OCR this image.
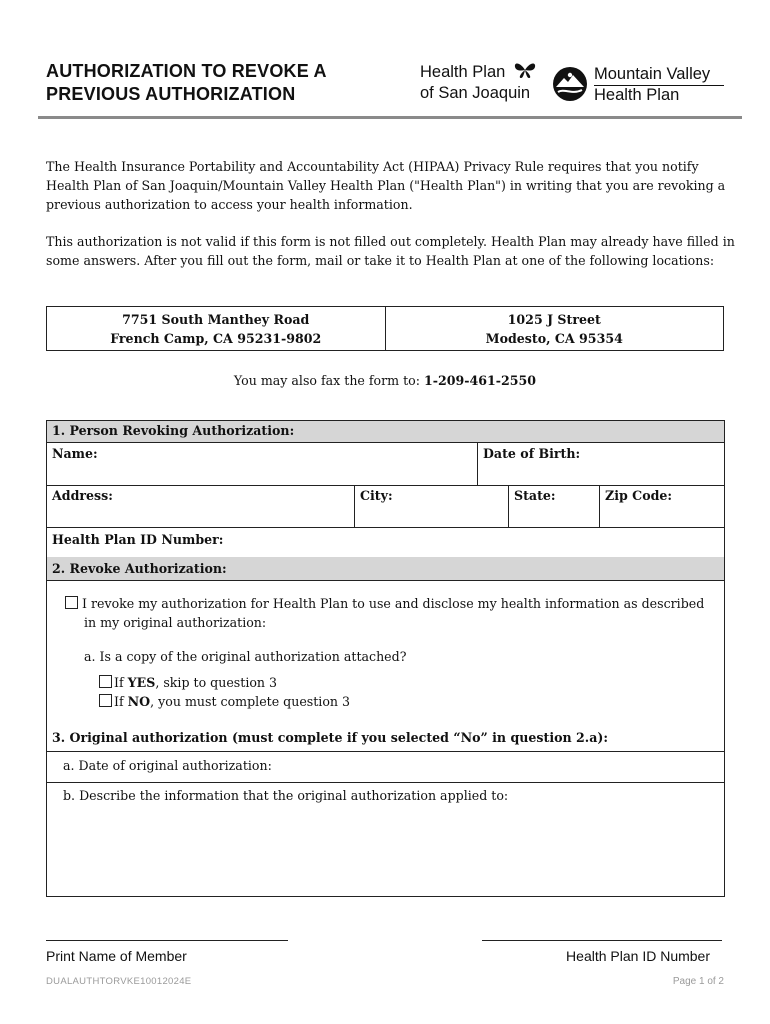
AUTHORIZATION TO REVOKE A
PREVIOUS AUTHORIZATION
Health Plan
of San Joaquin
Mountain Valley
Health Plan
The Health Insurance Portability and Accountability Act (HIPAA) Privacy Rule requires that you notify Health Plan of San Joaquin/Mountain Valley Health Plan ("Health Plan") in writing that you are revoking a previous authorization to access your health information.
This authorization is not valid if this form is not filled out completely. Health Plan may already have filled in some answers. After you fill out the form, mail or take it to Health Plan at one of the following locations:
7751 South Manthey Road
French Camp, CA 95231-9802
1025 J Street
Modesto, CA 95354
You may also fax the form to: 1-209-461-2550
1. Person Revoking Authorization:
Name:	Date of Birth:
Address:	City:	State:	Zip Code:
Health Plan ID Number:
2. Revoke Authorization:
I revoke my authorization for Health Plan to use and disclose my health information as described
in my original authorization:
a. Is a copy of the original authorization attached?
If YES, skip to question 3
If NO, you must complete question 3
3. Original authorization (must complete if you selected “No” in question 2.a):
a. Date of original authorization:
b. Describe the information that the original authorization applied to:
Print Name of Member	Health Plan ID Number
DUALAUTHTORVKE10012024E	Page 1 of 2
